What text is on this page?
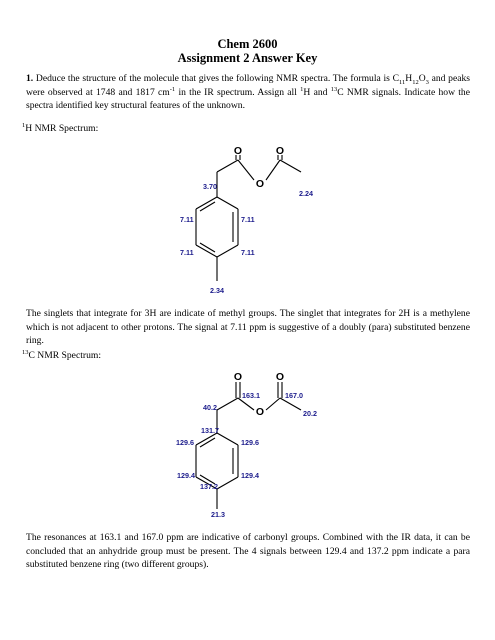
Chem 2600
Assignment 2 Answer Key
1. Deduce the structure of the molecule that gives the following NMR spectra. The formula is $C_{11}H_{12}O_3$ and peaks were observed at 1748 and 1817 $cm^{-1}$ in the IR spectrum. Assign all $^1$H and $^{13}$C NMR signals. Indicate how the spectra identified key structural features of the unknown.
$^1$H NMR Spectrum:
The singlets that integrate for 3H are indicate of methyl groups. The singlet that integrates for 2H is a methylene which is not adjacent to other protons. The signal at 7.11 ppm is suggestive of a doubly (para) substituted benzene ring.
$^{13}$C NMR Spectrum:
The resonances at 163.1 and 167.0 ppm are indicative of carbonyl groups. Combined with the IR data, it can be concluded that an anhydride group must be present. The 4 signals between 129.4 and 137.2 ppm indicate a para substituted benzene ring (two different groups).
O	O
O
3.70
2.24
7.11	7.11
7.11	7.11
2.34
O	O
O
163.1	167.0
40.2
20.2
131.7
129.6	129.6
129.4	129.4
137.2
21.3
